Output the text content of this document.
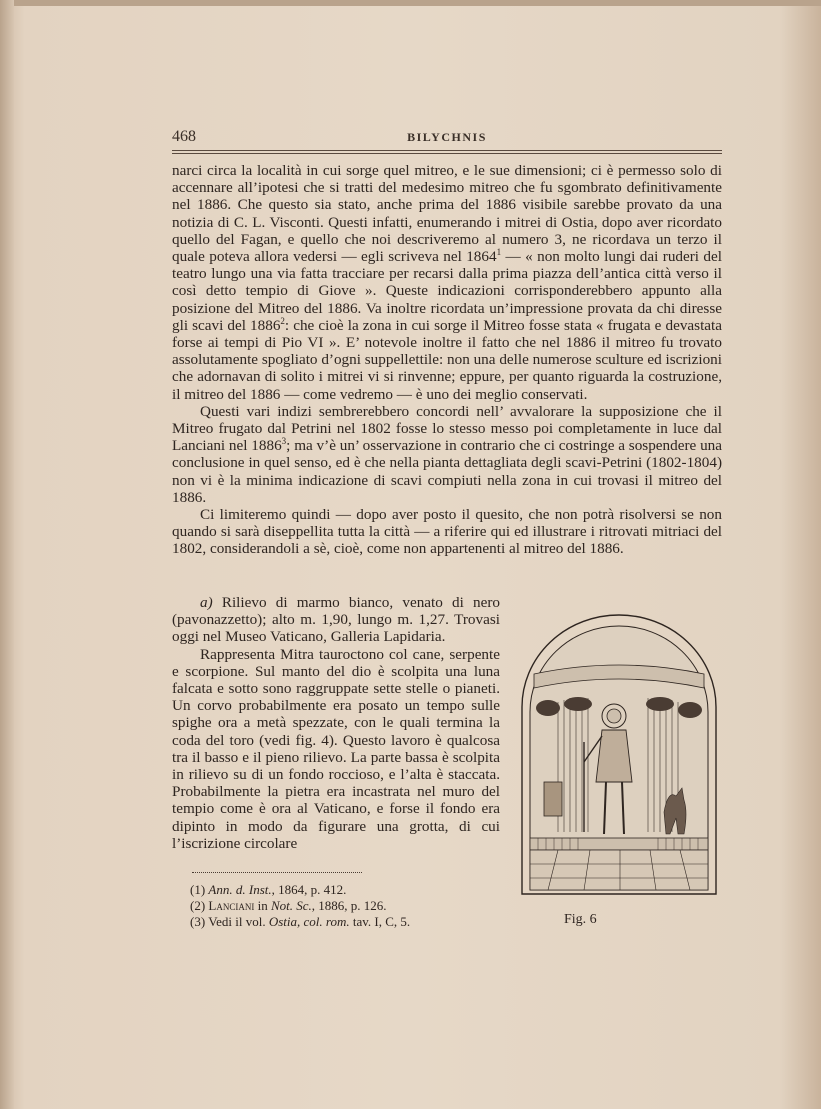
468	BILYCHNIS

narci circa la località in cui sorge quel mitreo, e le sue dimensioni; ci è permesso solo di accennare all’ipotesi che si tratti del medesimo mitreo che fu sgombrato definitivamente nel 1886. Che questo sia stato, anche prima del 1886 visibile sarebbe provato da una notizia di C. L. Visconti. Questi infatti, enumerando i mitrei di Ostia, dopo aver ricordato quello del Fagan, e quello che noi descriveremo al numero 3, ne ricordava un terzo il quale poteva allora vedersi — egli scriveva nel 1864$^1$ — « non molto lungi dai ruderi del teatro lungo una via fatta tracciare per recarsi dalla prima piazza dell’antica città verso il così detto tempio di Giove ». Queste indicazioni corrisponderebbero appunto alla posizione del Mitreo del 1886. Va inoltre ricordata un’impressione provata da chi diresse gli scavi del 1886$^2$: che cioè la zona in cui sorge il Mitreo fosse stata « frugata e devastata forse ai tempi di Pio VI ». E’ notevole inoltre il fatto che nel 1886 il mitreo fu trovato assolutamente spogliato d’ogni suppellettile: non una delle numerose sculture ed iscrizioni che adornavan di solito i mitrei vi si rinvenne; eppure, per quanto riguarda la costruzione, il mitreo del 1886 — come vedremo — è uno dei meglio conservati.

Questi vari indizi sembrerebbero concordi nell’ avvalorare la supposizione che il Mitreo frugato dal Petrini nel 1802 fosse lo stesso messo poi completamente in luce dal Lanciani nel 1886$^3$; ma v’è un’ osservazione in contrario che ci costringe a sospendere una conclusione in quel senso, ed è che nella pianta dettagliata degli scavi-Petrini (1802-1804) non vi è la minima indicazione di scavi compiuti nella zona in cui trovasi il mitreo del 1886.

Ci limiteremo quindi — dopo aver posto il quesito, che non potrà risolversi se non quando si sarà diseppellita tutta la città — a riferire qui ed illustrare i ritrovati mitriaci del 1802, considerandoli a sè, cioè, come non appartenenti al mitreo del 1886.

a) Rilievo di marmo bianco, venato di nero (pavonazzetto); alto m. 1,90, lungo m. 1,27. Trovasi oggi nel Museo Vaticano, Galleria Lapidaria.

Rappresenta Mitra tauroctono col cane, serpente e scorpione. Sul manto del dio è scolpita una luna falcata e sotto sono raggruppate sette stelle o pianeti. Un corvo probabilmente era posato un tempo sulle spighe ora a metà spezzate, con le quali termina la coda del toro (vedi fig. 4). Questo lavoro è qualcosa tra il basso e il pieno rilievo. La parte bassa è scolpita in rilievo su di un fondo roccioso, e l’alta è staccata. Probabilmente la pietra era incastrata nel muro del tempio come è ora al Vaticano, e forse il fondo era dipinto in modo da figurare una grotta, di cui l’iscrizione circolare

(1) Ann. d. Inst., 1864, p. 412.
(2) Lanciani in Not. Sc., 1886, p. 126.
(3) Vedi il vol. Ostia, col. rom. tav. I, C, 5.	Fig. 6
